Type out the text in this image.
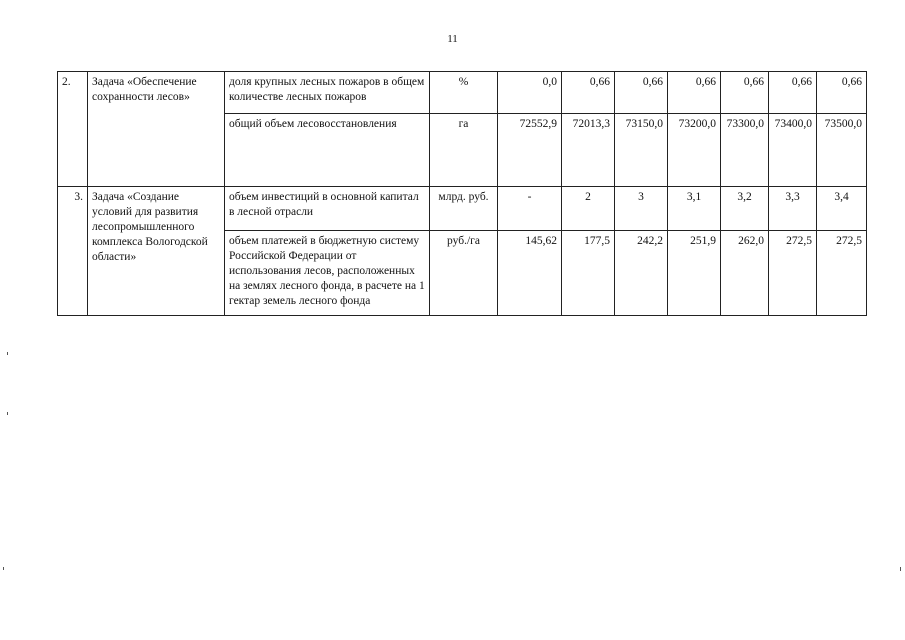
11
2.	Задача «Обеспечение сохранности лесов»	доля крупных лесных пожаров в общем количестве лесных пожаров	%	0,0	0,66	0,66	0,66	0,66	0,66	0,66
		общий объем лесовосстановления	га	72552,9	72013,3	73150,0	73200,0	73300,0	73400,0	73500,0
3.	Задача «Создание условий для развития лесопромышленного комплекса Вологодской области»	объем инвестиций в основной капитал в лесной отрасли	млрд. руб.	-	2	3	3,1	3,2	3,3	3,4
		объем платежей в бюджетную систему Российской Федерации от использования лесов, расположенных на землях лесного фонда, в расчете на 1 гектар земель лесного фонда	руб./га	145,62	177,5	242,2	251,9	262,0	272,5	272,5
